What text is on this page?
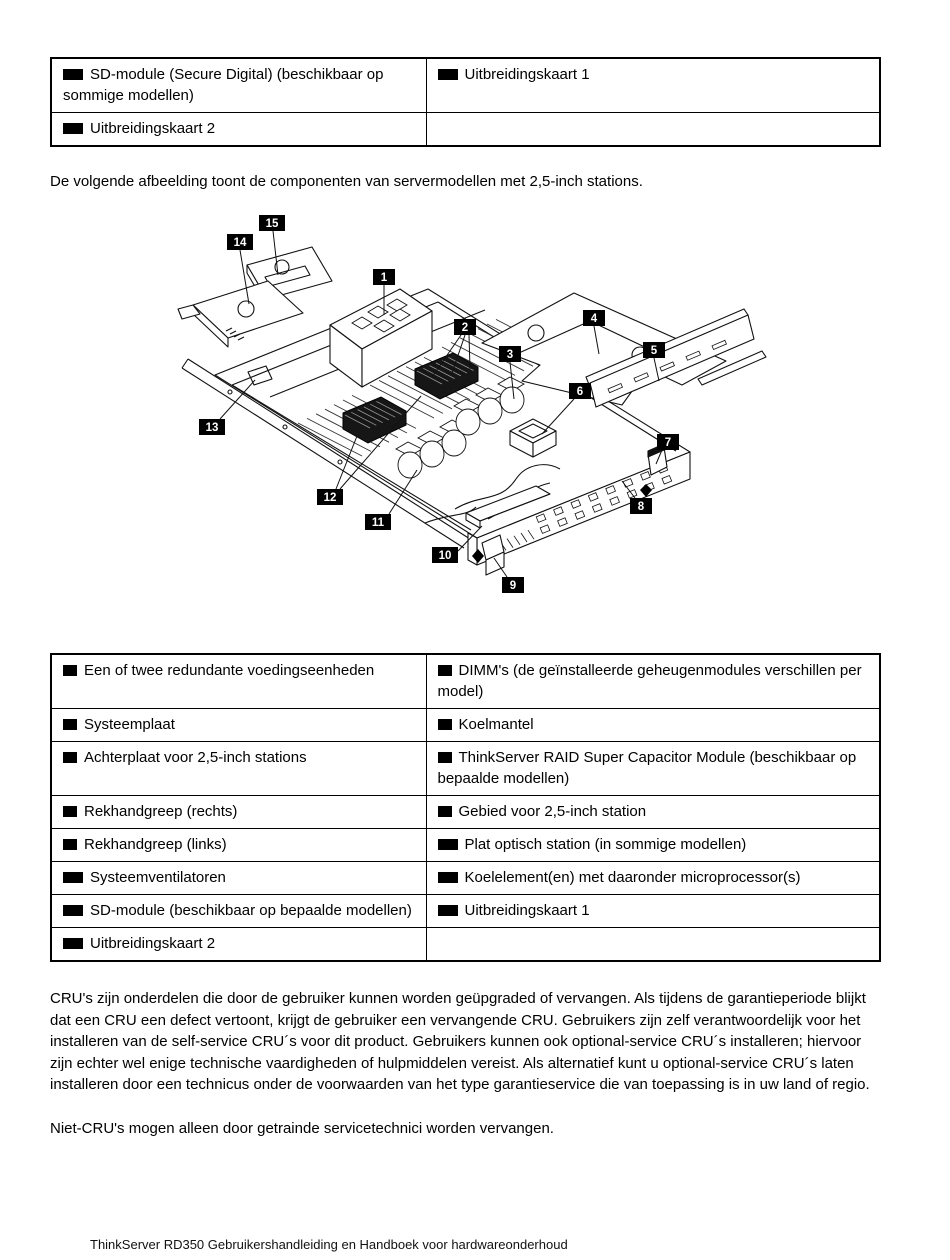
SD-module (Secure Digital) (beschikbaar op sommige modellen)	Uitbreidingskaart 1
Uitbreidingskaart 2	

De volgende afbeelding toont de componenten van servermodellen met 2,5-inch stations.

1
2
3
4
5
6
7
8
9
10
11
12
13
14
15
Een of twee redundante voedingseenheden	DIMM's (de geïnstalleerde geheugenmodules verschillen per model)
Systeemplaat	Koelmantel
Achterplaat voor 2,5-inch stations	ThinkServer RAID Super Capacitor Module (beschikbaar op bepaalde modellen)
Rekhandgreep (rechts)	Gebied voor 2,5-inch station
Rekhandgreep (links)	Plat optisch station (in sommige modellen)
Systeemventilatoren	Koelelement(en) met daaronder microprocessor(s)
SD-module (beschikbaar op bepaalde modellen)	Uitbreidingskaart 1
Uitbreidingskaart 2	

CRU's zijn onderdelen die door de gebruiker kunnen worden geüpgraded of vervangen. Als tijdens de garantieperiode blijkt dat een CRU een defect vertoont, krijgt de gebruiker een vervangende CRU. Gebruikers zijn zelf verantwoordelijk voor het installeren van de self-service CRU´s voor dit product. Gebruikers kunnen ook optional-service CRU´s installeren; hiervoor zijn echter wel enige technische vaardigheden of hulpmiddelen vereist. Als alternatief kunt u optional-service CRU´s laten installeren door een technicus onder de voorwaarden van het type garantieservice die van toepassing is in uw land of regio.

Niet-CRU's mogen alleen door getrainde servicetechnici worden vervangen.

ThinkServer RD350 Gebruikershandleiding en Handboek voor hardwareonderhoud
